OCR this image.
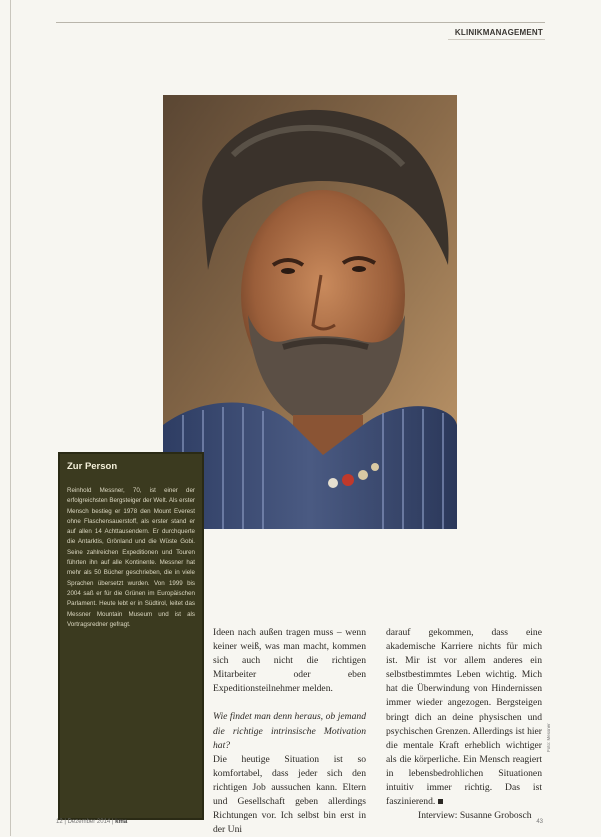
KLINIKMANAGEMENT
Zur Person

Reinhold Messner, 70, ist einer der erfolgreichsten Bergsteiger der Welt. Als erster Mensch bestieg er 1978 den Mount Everest ohne Flaschensauerstoff, als erster stand er auf allen 14 Achttausendern. Er durchquerte die Antarktis, Grönland und die Wüste Gobi. Seine zahlreichen Expeditionen und Touren führten ihn auf alle Kontinente. Messner hat mehr als 50 Bücher geschrieben, die in viele Sprachen übersetzt wurden. Von 1999 bis 2004 saß er für die Grünen im Europäischen Parlament. Heute lebt er in Südtirol, leitet das Messner Mountain Museum und ist als Vortragsredner gefragt.

Ideen nach außen tragen muss – wenn keiner weiß, was man macht, kommen sich auch nicht die richtigen Mitarbeiter oder eben Expeditionsteilnehmer melden.

Wie findet man denn heraus, ob jemand die richtige intrinsische Motivation hat?

Die heutige Situation ist so komfortabel, dass jeder sich den richtigen Job aussuchen kann. Eltern und Gesellschaft geben allerdings Richtungen vor. Ich selbst bin erst in der Uni

darauf gekommen, dass eine akademische Karriere nichts für mich ist. Mir ist vor allem anderes ein selbstbestimmtes Leben wichtig. Mich hat die Überwindung von Hindernissen immer wieder angezogen. Bergsteigen bringt dich an deine physischen und psychischen Grenzen. Allerdings ist hier die mentale Kraft erheblich wichtiger als die körperliche. Ein Mensch reagiert in lebensbedrohlichen Situationen intuitiv immer richtig. Das ist faszinierend.

Interview: Susanne Grobosch
Foto: Messner
12 | Dezember 2014 | kma	43
